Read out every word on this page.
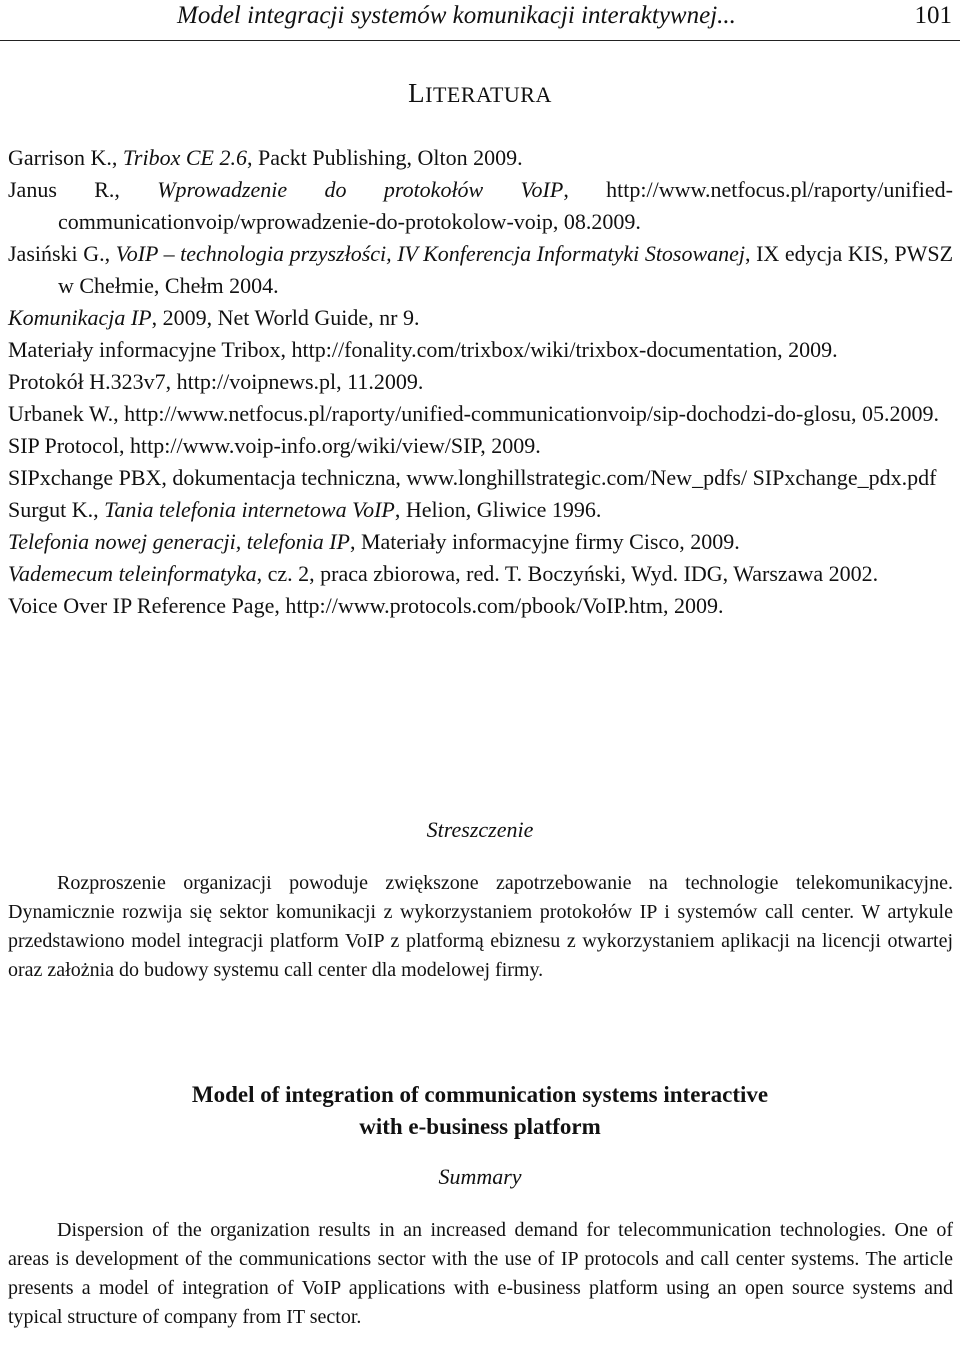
Model integracji systemów komunikacji interaktywnej...	101
LITERATURA
Garrison K., Tribox CE 2.6, Packt Publishing, Olton 2009.
Janus R., Wprowadzenie do protokołów VoIP, http://www.netfocus.pl/raporty/unified-communicationvoip/wprowadzenie-do-protokolow-voip, 08.2009.
Jasiński G., VoIP – technologia przyszłości, IV Konferencja Informatyki Stosowanej, IX edycja KIS, PWSZ w Chełmie, Chełm 2004.
Komunikacja IP, 2009, Net World Guide, nr 9.
Materiały informacyjne Tribox, http://fonality.com/trixbox/wiki/trixbox-documentation, 2009.
Protokół H.323v7, http://voipnews.pl, 11.2009.
Urbanek W., http://www.netfocus.pl/raporty/unified-communicationvoip/sip-dochodzi-do-glosu, 05.2009.
SIP Protocol, http://www.voip-info.org/wiki/view/SIP, 2009.
SIPxchange PBX, dokumentacja techniczna, www.longhillstrategic.com/New_pdfs/ SIPxchange_pdx.pdf
Surgut K., Tania telefonia internetowa VoIP, Helion, Gliwice 1996.
Telefonia nowej generacji, telefonia IP, Materiały informacyjne firmy Cisco, 2009.
Vademecum teleinformatyka, cz. 2, praca zbiorowa, red. T. Boczyński, Wyd. IDG, Warszawa 2002.
Voice Over IP Reference Page, http://www.protocols.com/pbook/VoIP.htm, 2009.
Streszczenie

Rozproszenie organizacji powoduje zwiększone zapotrzebowanie na technologie telekomunikacyjne. Dynamicznie rozwija się sektor komunikacji z wykorzystaniem protokołów IP i systemów call center. W artykule przedstawiono model integracji platform VoIP z platformą ebiznesu z wykorzystaniem aplikacji na licencji otwartej oraz założnia do budowy systemu call center dla modelowej firmy.

Model of integration of communication systems interactive
with e-business platform
Summary

Dispersion of the organization results in an increased demand for telecommunication technologies. One of areas is development of the communications sector with the use of IP protocols and call center systems. The article presents a model of integration of VoIP applications with e-business platform using an open source systems and typical structure of company from IT sector.
